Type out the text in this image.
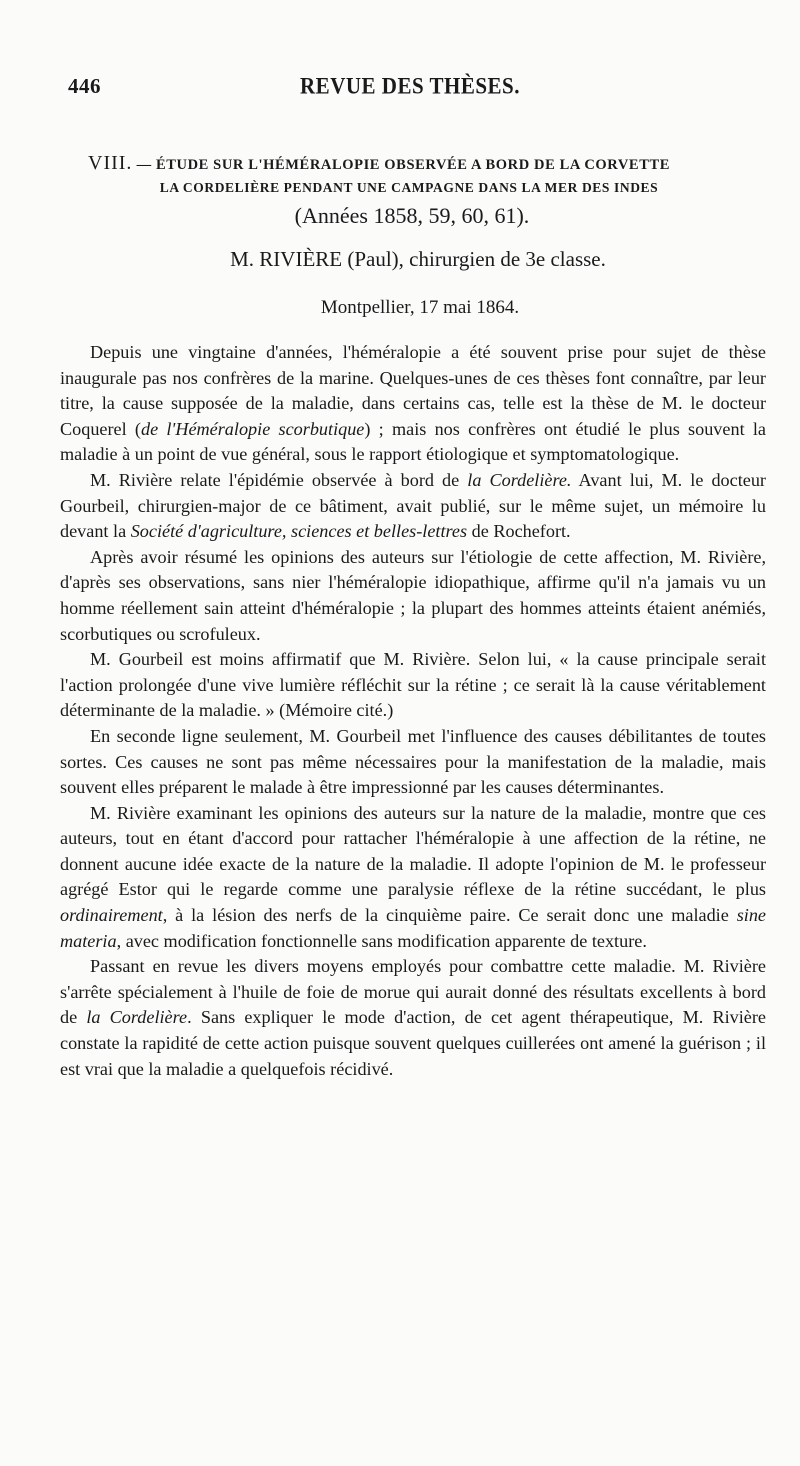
446	REVUE DES THÈSES.
VIII. — ÉTUDE SUR L'HÉMÉRALOPIE OBSERVÉE A BORD DE LA CORVETTE
LA CORDELIÈRE PENDANT UNE CAMPAGNE DANS LA MER DES INDES
(Années 1858, 59, 60, 61).
M. RIVIÈRE (Paul), chirurgien de 3e classe.
Montpellier, 17 mai 1864.

Depuis une vingtaine d'années, l'héméralopie a été souvent prise pour sujet de thèse inaugurale pas nos confrères de la marine. Quelques-unes de ces thèses font connaître, par leur titre, la cause supposée de la maladie, dans certains cas, telle est la thèse de M. le docteur Coquerel (de l'Héméralopie scorbutique) ; mais nos confrères ont étudié le plus souvent la maladie à un point de vue général, sous le rapport étiologique et symptomatologique.

M. Rivière relate l'épidémie observée à bord de la Cordelière. Avant lui, M. le docteur Gourbeil, chirurgien-major de ce bâtiment, avait publié, sur le même sujet, un mémoire lu devant la Société d'agriculture, sciences et belles-lettres de Rochefort.

Après avoir résumé les opinions des auteurs sur l'étiologie de cette affection, M. Rivière, d'après ses observations, sans nier l'héméralopie idiopathique, affirme qu'il n'a jamais vu un homme réellement sain atteint d'héméralopie ; la plupart des hommes atteints étaient anémiés, scorbutiques ou scrofuleux.

M. Gourbeil est moins affirmatif que M. Rivière. Selon lui, « la cause principale serait l'action prolongée d'une vive lumière réfléchit sur la rétine ; ce serait là la cause véritablement déterminante de la maladie. » (Mémoire cité.)

En seconde ligne seulement, M. Gourbeil met l'influence des causes débilitantes de toutes sortes. Ces causes ne sont pas même nécessaires pour la manifestation de la maladie, mais souvent elles préparent le malade à être impressionné par les causes déterminantes.

M. Rivière examinant les opinions des auteurs sur la nature de la maladie, montre que ces auteurs, tout en étant d'accord pour rattacher l'héméralopie à une affection de la rétine, ne donnent aucune idée exacte de la nature de la maladie. Il adopte l'opinion de M. le professeur agrégé Estor qui le regarde comme une paralysie réflexe de la rétine succédant, le plus ordinairement, à la lésion des nerfs de la cinquième paire. Ce serait donc une maladie sine materia, avec modification fonctionnelle sans modification apparente de texture.

Passant en revue les divers moyens employés pour combattre cette maladie. M. Rivière s'arrête spécialement à l'huile de foie de morue qui aurait donné des résultats excellents à bord de la Cordelière. Sans expliquer le mode d'action, de cet agent thérapeutique, M. Rivière constate la rapidité de cette action puisque souvent quelques cuillerées ont amené la guérison ; il est vrai que la maladie a quelquefois récidivé.
